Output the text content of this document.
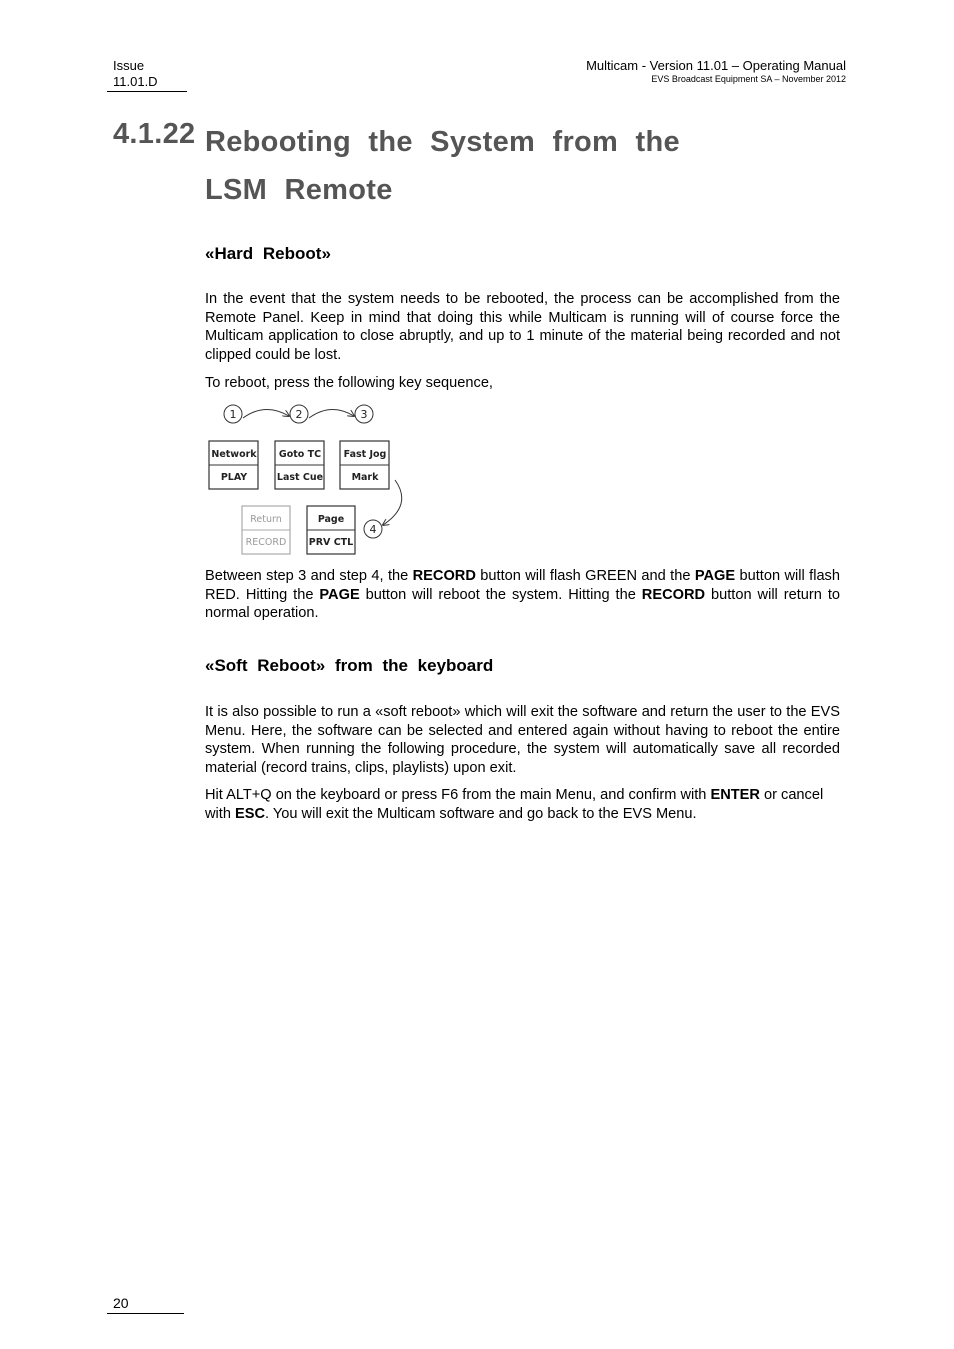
Issue
11.01.D
Multicam - Version 11.01 – Operating Manual
EVS Broadcast Equipment SA – November 2012
4.1.22 Rebooting the System from the LSM Remote
«Hard Reboot»

In the event that the system needs to be rebooted, the process can be accomplished from the Remote Panel. Keep in mind that doing this while Multicam is running will of course force the Multicam application to close abruptly, and up to 1 minute of the material being recorded and not clipped could be lost.

To reboot, press the following key sequence,

1	2	3
4
Network
PLAY
Goto TC
Last Cue
Fast Jog
Mark
Return
RECORD
Page
PRV CTL

Between step 3 and step 4, the RECORD button will flash GREEN and the PAGE button will flash RED. Hitting the PAGE button will reboot the system. Hitting the RECORD button will return to normal operation.

«Soft Reboot» from the keyboard

It is also possible to run a «soft reboot» which will exit the software and return the user to the EVS Menu. Here, the software can be selected and entered again without having to reboot the entire system. When running the following procedure, the system will automatically save all recorded material (record trains, clips, playlists) upon exit.

Hit ALT+Q on the keyboard or press F6 from the main Menu, and confirm with ENTER or cancel with ESC. You will exit the Multicam software and go back to the EVS Menu.

20
